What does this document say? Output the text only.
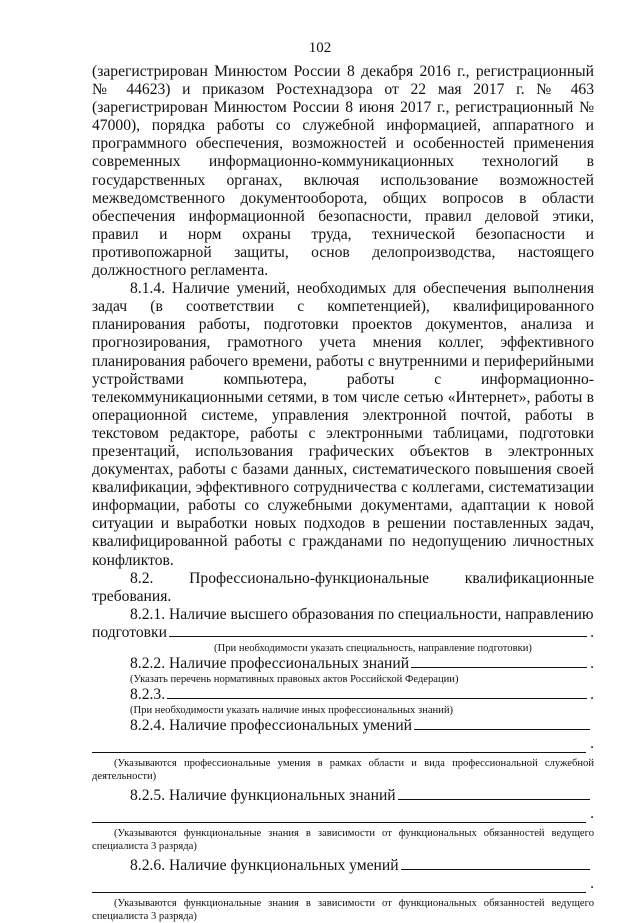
102

(зарегистрирован Минюстом России 8 декабря 2016 г., регистрационный № 44623) и приказом Ростехнадзора от 22 мая 2017 г. № 463 (зарегистрирован Минюстом России 8 июня 2017 г., регистрационный № 47000), порядка работы со служебной информацией, аппаратного и программного обеспечения, возможностей и особенностей применения современных информационно-коммуникационных технологий в государственных органах, включая использование возможностей межведомственного документооборота, общих вопросов в области обеспечения информационной безопасности, правил деловой этики, правил и норм охраны труда, технической безопасности и противопожарной защиты, основ делопроизводства, настоящего должностного регламента.

8.1.4. Наличие умений, необходимых для обеспечения выполнения задач (в соответствии с компетенцией), квалифицированного планирования работы, подготовки проектов документов, анализа и прогнозирования, грамотного учета мнения коллег, эффективного планирования рабочего времени, работы с внутренними и периферийными устройствами компьютера, работы с информационно-телекоммуникационными сетями, в том числе сетью «Интернет», работы в операционной системе, управления электронной почтой, работы в текстовом редакторе, работы с электронными таблицами, подготовки презентаций, использования графических объектов в электронных документах, работы с базами данных, систематического повышения своей квалификации, эффективного сотрудничества с коллегами, систематизации информации, работы со служебными документами, адаптации к новой ситуации и выработки новых подходов в решении поставленных задач, квалифицированной работы с гражданами по недопущению личностных конфликтов.

8.2. Профессионально-функциональные квалификационные требования.

8.2.1. Наличие высшего образования по специальности, направлению

подготовки	.

(При необходимости указать специальность, направление подготовки)

8.2.2. Наличие профессиональных знаний	.

(Указать перечень нормативных правовых актов Российской Федерации)

8.2.3.	.

(При необходимости указать наличие иных профессиональных знаний)

8.2.4. Наличие профессиональных умений
.

(Указываются профессиональные умения в рамках области и вида профессиональной служебной деятельности)

8.2.5. Наличие функциональных знаний
.

(Указываются функциональные знания в зависимости от функциональных обязанностей ведущего специалиста 3 разряда)

8.2.6. Наличие функциональных умений
.

(Указываются функциональные знания в зависимости от функциональных обязанностей ведущего специалиста 3 разряда)
